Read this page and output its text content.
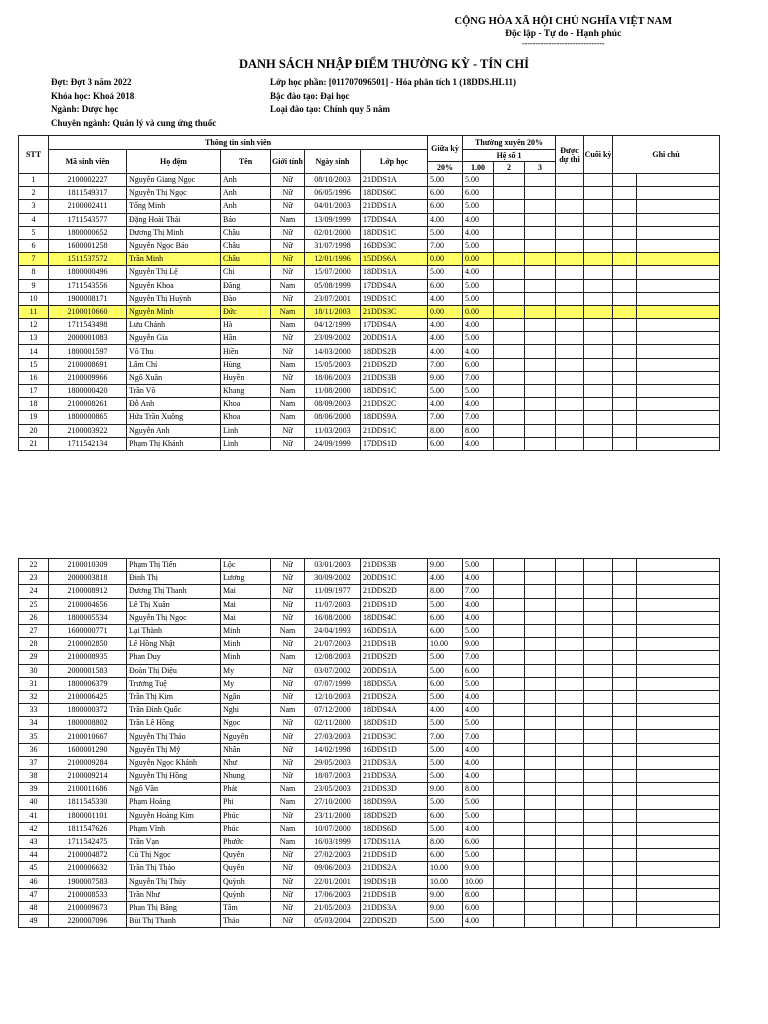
CỘNG HÒA XÃ HỘI CHỦ NGHĨA VIỆT NAM
Độc lập - Tự do - Hạnh phúc
-------------------------------
DANH SÁCH NHẬP ĐIỂM THƯỜNG KỲ - TÍN CHỈ
Đợt: Đợt 3 năm 2022
Khóa học: Khoá 2018
Ngành: Dược học
Chuyên ngành: Quản lý và cung ứng thuốc
Lớp học phần: [011707096501] - Hóa phân tích 1 (18DDS.HL11)
Bậc đào tạo: Đại học
Loại đào tạo: Chính quy 5 năm
STT	Thông tin sinh viên						Giữa kỳ	Thường xuyên 20%			Được dự thi	Cuối kỳ	Ghi chú	
	Mã sinh viên	Họ đệm	Tên	Giới tính	Ngày sinh	Lớp học		Hệ số 1						
							20%	1.00	2	3				
1	2100002227	Nguyễn Giang Ngọc	Anh	Nữ	08/10/2003	21DDS1A	5.00	5.00						
2	1811549317	Nguyễn Thị Ngọc	Anh	Nữ	06/05/1996	18DDS6C	6.00	6.00						
3	2100002411	Tống Minh	Anh	Nữ	04/01/2003	21DDS1A	6.00	5.00						
4	1711543577	Đặng Hoài Thái	Bảo	Nam	13/09/1999	17DDS4A	4.00	4.00						
5	1800000652	Dương Thị Minh	Châu	Nữ	02/01/2000	18DDS1C	5.00	4.00						
6	1600001258	Nguyễn Ngọc Bảo	Châu	Nữ	31/07/1998	16DDS3C	7.00	5.00						
7	1511537572	Trần Minh	Châu	Nữ	12/01/1996	15DDS6A	0.00	0.00						
8	1800000496	Nguyễn Thị Lệ	Chi	Nữ	15/07/2000	18DDS1A	5.00	4.00						
9	1711543556	Nguyễn Khoa	Đăng	Nam	05/08/1999	17DDS4A	6.00	5.00						
10	1900008171	Nguyễn Thị Huỳnh	Đào	Nữ	23/07/2001	19DDS1C	4.00	5.00						
11	2100010660	Nguyễn Minh	Đức	Nam	18/11/2003	21DDS3C	0.00	0.00						
12	1711543498	Lưu Chánh	Hà	Nam	04/12/1999	17DDS4A	4.00	4.00						
13	2000001083	Nguyễn Gia	Hân	Nữ	23/09/2002	20DDS1A	4.00	5.00						
14	1800001597	Võ Thu	Hiền	Nữ	14/03/2000	18DDS2B	4.00	4.00						
15	2100008691	Lâm Chí	Hùng	Nam	15/05/2003	21DDS2D	7.00	6.00						
16	2100009966	Ngô Xuân	Huyền	Nữ	18/06/2003	21DDS3B	9.00	7.00						
17	1800000420	Trần Võ	Khang	Nam	11/08/2000	18DDS1C	5.00	5.00						
18	2100008261	Đỗ Anh	Khoa	Nam	08/09/2003	21DDS2C	4.00	4.00						
19	1800000865	Hứa Trần Xuông	Khoa	Nam	08/06/2000	18DDS9A	7.00	7.00						
20	2100003922	Nguyễn Anh	Linh	Nữ	11/03/2003	21DDS1C	8.00	8.00						
21	1711542134	Phạm Thị Khánh	Linh	Nữ	24/09/1999	17DDS1D	6.00	4.00						
22	2100010309	Phạm Thị Tiến	Lộc	Nữ	03/01/2003	21DDS3B	9.00	5.00						
23	2000003818	Đinh Thị	Lương	Nữ	30/09/2002	20DDS1C	4.00	4.00						
24	2100008912	Dương Thị Thanh	Mai	Nữ	11/09/1977	21DDS2D	8.00	7.00						
25	2100004656	Lê Thị Xuân	Mai	Nữ	11/07/2003	21DDS1D	5.00	4.00						
26	1800005534	Nguyễn Thị Ngọc	Mai	Nữ	16/08/2000	18DDS4C	6.00	4.00						
27	1600000771	Lại Thành	Minh	Nam	24/04/1993	16DDS1A	6.00	5.00						
28	2100002850	Lê Hồng Nhật	Minh	Nữ	21/07/2003	21DDS1B	10.00	9.00						
29	2100008935	Phan Duy	Minh	Nam	12/08/2003	21DDS2D	5.00	7.00						
30	2000001583	Đoàn Thị Diệu	My	Nữ	03/07/2002	20DDS1A	5.00	6.00						
31	1800006379	Trương Tuệ	My	Nữ	07/07/1999	18DDS5A	6.00	5.00						
32	2100006425	Trần Thị Kim	Ngân	Nữ	12/10/2003	21DDS2A	5.00	4.00						
33	1800000372	Trần Đình Quốc	Nghi	Nam	07/12/2000	18DDS4A	4.00	4.00						
34	1800008802	Trần Lê Hồng	Ngọc	Nữ	02/11/2000	18DDS1D	5.00	5.00						
35	2100010667	Nguyễn Thị Thảo	Nguyên	Nữ	27/03/2003	21DDS3C	7.00	7.00						
36	1600001290	Nguyễn Thị Mỹ	Nhân	Nữ	14/02/1998	16DDS1D	5.00	4.00						
37	2100009284	Nguyễn Ngọc Khánh	Như	Nữ	29/05/2003	21DDS3A	5.00	4.00						
38	2100009214	Nguyễn Thị Hồng	Nhung	Nữ	18/07/2003	21DDS3A	5.00	4.00						
39	2100011686	Ngô Văn	Phát	Nam	23/05/2003	21DDS3D	9.00	8.00						
40	1811545330	Phạm Hoàng	Phi	Nam	27/10/2000	18DDS9A	5.00	5.00						
41	1800001101	Nguyễn Hoàng Kim	Phúc	Nữ	23/11/2000	18DDS2D	6.00	5.00						
42	1811547626	Phạm Vĩnh	Phúc	Nam	10/07/2000	18DDS6D	5.00	4.00						
43	1711542475	Trần Vạn	Phước	Nam	16/03/1999	17DDS11A	8.00	6.00						
44	2100004872	Cù Thị Ngọc	Quyên	Nữ	27/02/2003	21DDS1D	6.00	5.00						
45	2100006632	Trần Thị Thảo	Quyên	Nữ	09/06/2003	21DDS2A	10.00	9.00						
46	1900007583	Nguyễn Thị Thúy	Quỳnh	Nữ	22/01/2001	19DDS1B	10.00	10.00						
47	2100008533	Trần Như	Quỳnh	Nữ	17/06/2003	21DDS1B	9.00	8.00						
48	2100009673	Phan Thị Băng	Tâm	Nữ	21/05/2003	21DDS3A	9.00	6.00						
49	2200007096	Bùi Thị Thanh	Thảo	Nữ	05/03/2004	22DDS2D	5.00	4.00						
